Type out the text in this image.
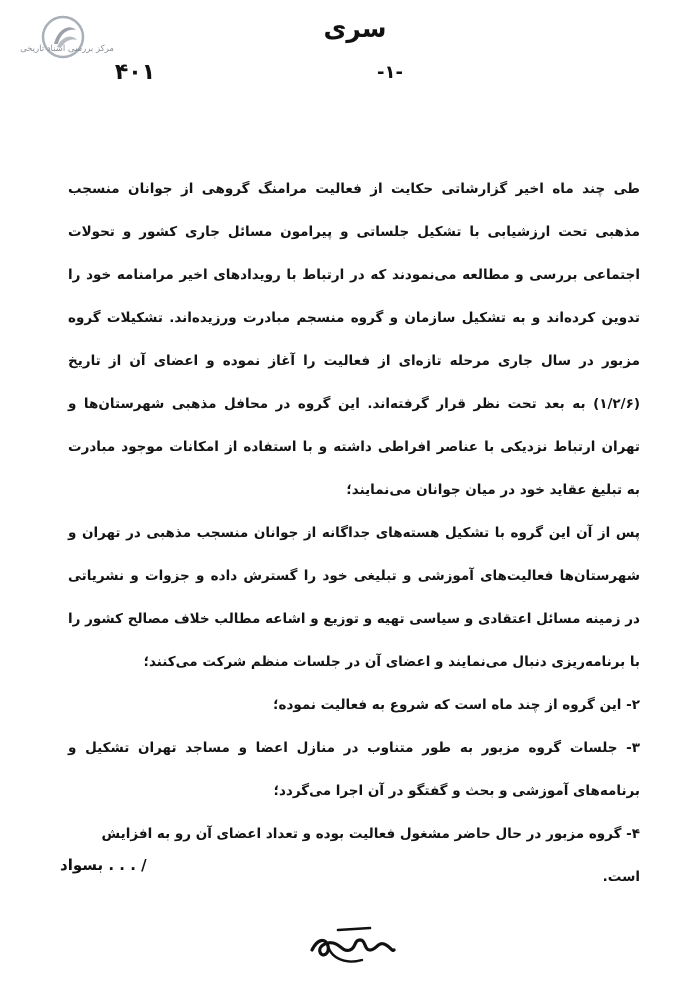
مرکز بررسی اسناد تاریخی
سری
-۱-
۴۰۱

طی چند ماه اخیر گزارشاتی حکایت از فعالیت مرامنگ گروهی از جوانان منسجب مذهبی تحت ارزشیابی با تشکیل جلساتی و پیرامون مسائل جاری کشور و تحولات اجتماعی بررسی و مطالعه می‌نمودند که در ارتباط با رویدادهای اخیر مرامنامه خود را تدوین کرده‌اند و به تشکیل سازمان و گروه منسجم مبادرت ورزیده‌اند. تشکیلات گروه مزبور در سال جاری مرحله تازه‌ای از فعالیت را آغاز نموده و اعضای آن از تاریخ (۱/۲/۶) به بعد تحت نظر قرار گرفته‌اند. این گروه در محافل مذهبی شهرستان‌ها و تهران ارتباط نزدیکی با عناصر افراطی داشته و با استفاده از امکانات موجود مبادرت به تبلیغ عقاید خود در میان جوانان می‌نمایند؛

پس از آن این گروه با تشکیل هسته‌های جداگانه از جوانان منسجب مذهبی در تهران و شهرستان‌ها فعالیت‌های آموزشی و تبلیغی خود را گسترش داده و جزوات و نشریاتی در زمینه مسائل اعتقادی و سیاسی تهیه و توزیع و اشاعه مطالب خلاف مصالح کشور را با برنامه‌ریزی دنبال می‌نمایند و اعضای آن در جلسات منظم شرکت می‌کنند؛

۲- این گروه از چند ماه است که شروع به فعالیت نموده؛

۳- جلسات گروه مزبور به طور متناوب در منازل اعضا و مساجد تهران تشکیل و برنامه‌های آموزشی و بحث و گفتگو در آن اجرا می‌گردد؛

۴- گروه مزبور در حال حاضر مشغول فعالیت بوده و تعداد اعضای آن رو به افزایش است.

بسواد . . . /
